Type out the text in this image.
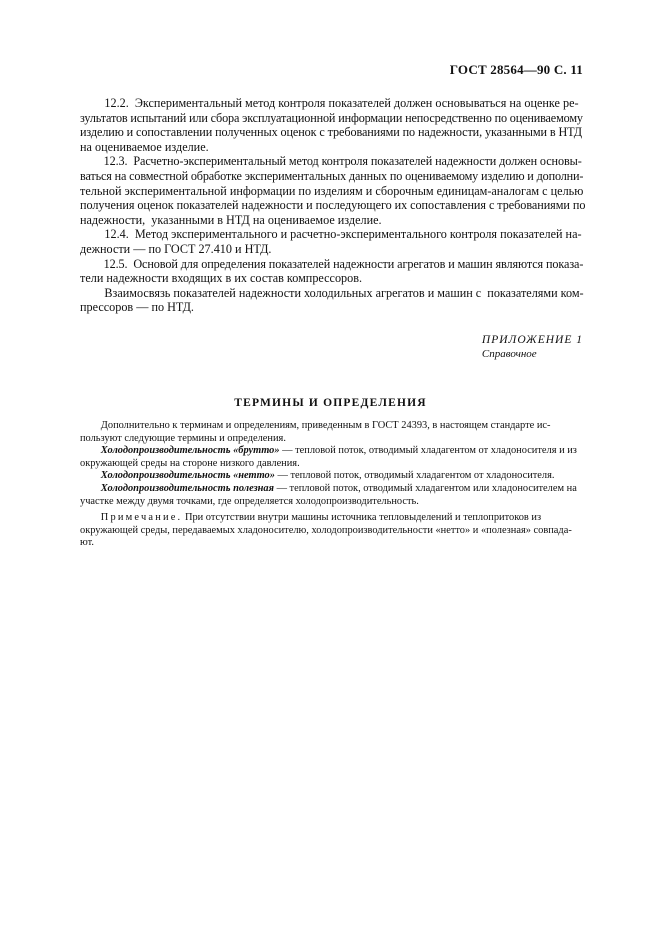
ГОСТ 28564—90 С. 11

12.2.  Экспериментальный метод контроля показателей должен основываться на оценке ре-
зультатов испытаний или сбора эксплуатационной информации непосредственно по оцениваемому
изделию и сопоставлении полученных оценок с требованиями по надежности, указанными в НТД
на оцениваемое изделие.

12.3.  Расчетно-экспериментальный метод контроля показателей надежности должен основы-
ваться на совместной обработке экспериментальных данных по оцениваемому изделию и дополни-
тельной экспериментальной информации по изделиям и сборочным единицам-аналогам с целью
получения оценок показателей надежности и последующего их сопоставления с требованиями по
надежности,  указанными в НТД на оцениваемое изделие.

12.4.  Метод экспериментального и расчетно-экспериментального контроля показателей на-
дежности — по ГОСТ 27.410 и НТД.

12.5.  Основой для определения показателей надежности агрегатов и машин являются показа-
тели надежности входящих в их состав компрессоров.

Взаимосвязь показателей надежности холодильных агрегатов и машин с  показателями ком-
прессоров — по НТД.

ПРИЛОЖЕНИЕ 1
Справочное
ТЕРМИНЫ И ОПРЕДЕЛЕНИЯ

Дополнительно к терминам и определениям, приведенным в ГОСТ 24393, в настоящем стандарте ис-
пользуют следующие термины и определения.

Холодопроизводительность «брутто» — тепловой поток, отводимый хладагентом от хладоносителя и из
окружающей среды на стороне низкого давления.

Холодопроизводительность «нетто» — тепловой поток, отводимый хладагентом от хладоносителя.

Холодопроизводительность полезная — тепловой поток, отводимый хладагентом или хладоносителем на
участке между двумя точками, где определяется холодопроизводительность.

Примечание. При отсутствии внутри машины источника тепловыделений и теплопритоков из
окружающей среды, передаваемых хладоносителю, холодопроизводительности «нетто» и «полезная» совпада-
ют.
